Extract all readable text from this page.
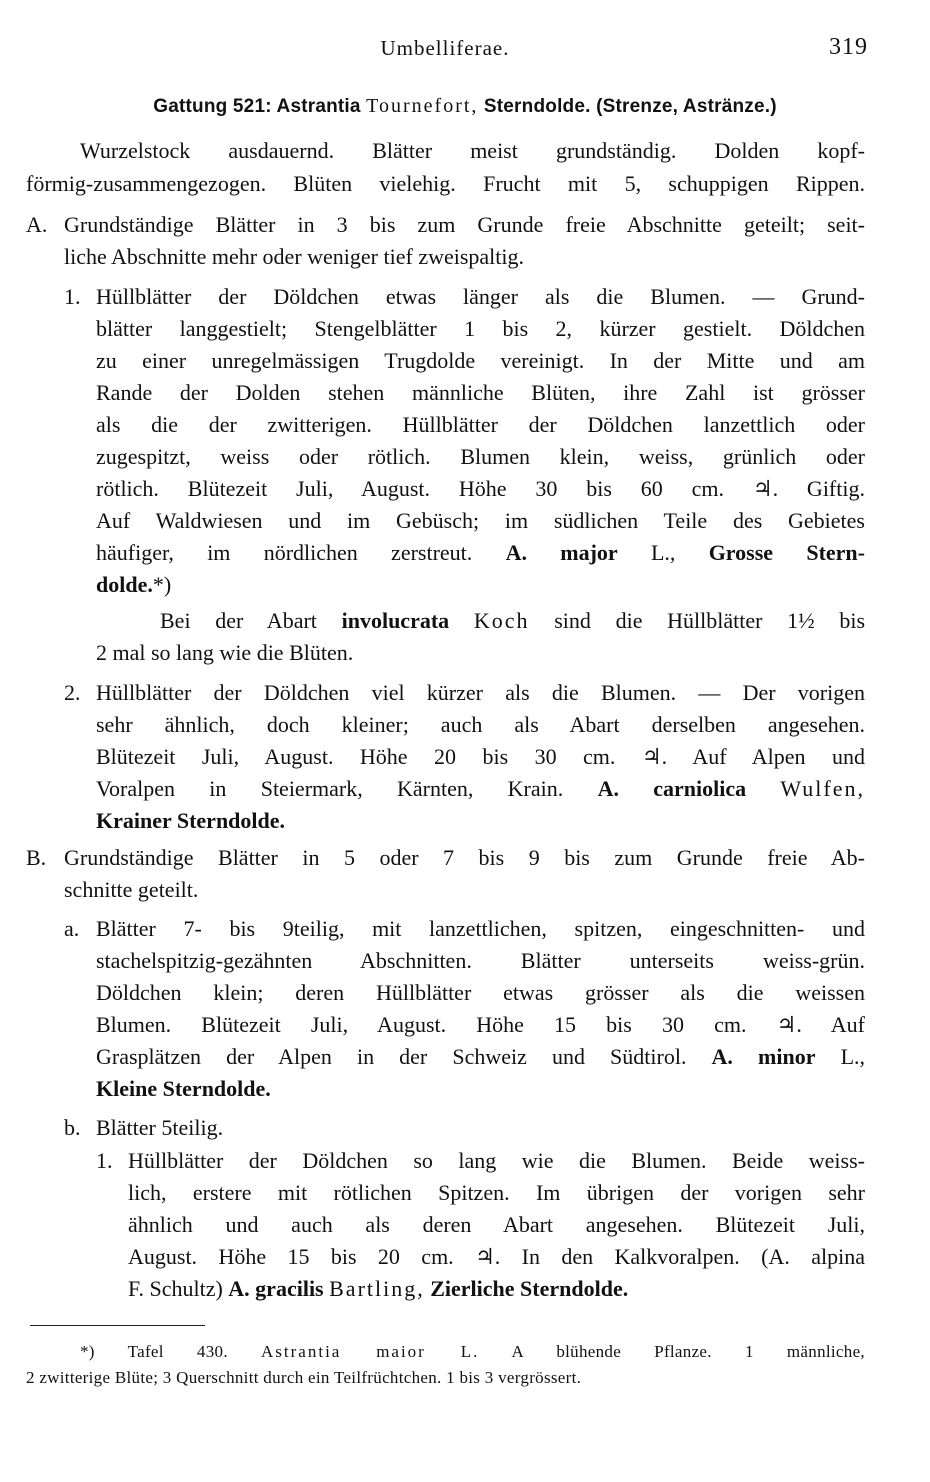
Umbelliferae.	319
Gattung 521: Astrantia Tournefort, Sterndolde. (Strenze, Astränze.)
Wurzelstock ausdauernd. Blätter meist grundständig. Dolden kopf-
förmig-zusammengezogen. Blüten vielehig. Frucht mit 5, schuppigen Rippen.
A. Grundständige Blätter in 3 bis zum Grunde freie Abschnitte geteilt; seit-
liche Abschnitte mehr oder weniger tief zweispaltig.
1. Hüllblätter der Döldchen etwas länger als die Blumen. — Grund-
blätter langgestielt; Stengelblätter 1 bis 2, kürzer gestielt. Döldchen
zu einer unregelmässigen Trugdolde vereinigt. In der Mitte und am
Rande der Dolden stehen männliche Blüten, ihre Zahl ist grösser
als die der zwitterigen. Hüllblätter der Döldchen lanzettlich oder
zugespitzt, weiss oder rötlich. Blumen klein, weiss, grünlich oder
rötlich. Blütezeit Juli, August. Höhe 30 bis 60 cm. ♃. Giftig.
Auf Waldwiesen und im Gebüsch; im südlichen Teile des Gebietes
häufiger, im nördlichen zerstreut. A. major L., Grosse Stern-
dolde.*)
Bei der Abart involucrata Koch sind die Hüllblätter 1½ bis
2 mal so lang wie die Blüten.
2. Hüllblätter der Döldchen viel kürzer als die Blumen. — Der vorigen
sehr ähnlich, doch kleiner; auch als Abart derselben angesehen.
Blütezeit Juli, August. Höhe 20 bis 30 cm. ♃. Auf Alpen und
Voralpen in Steiermark, Kärnten, Krain. A. carniolica Wulfen,
Krainer Sterndolde.
B. Grundständige Blätter in 5 oder 7 bis 9 bis zum Grunde freie Ab-
schnitte geteilt.
a. Blätter 7- bis 9teilig, mit lanzettlichen, spitzen, eingeschnitten- und
stachelspitzig-gezähnten Abschnitten. Blätter unterseits weiss-grün.
Döldchen klein; deren Hüllblätter etwas grösser als die weissen
Blumen. Blütezeit Juli, August. Höhe 15 bis 30 cm. ♃. Auf
Grasplätzen der Alpen in der Schweiz und Südtirol. A. minor L.,
Kleine Sterndolde.
b. Blätter 5teilig.
1. Hüllblätter der Döldchen so lang wie die Blumen. Beide weiss-
lich, erstere mit rötlichen Spitzen. Im übrigen der vorigen sehr
ähnlich und auch als deren Abart angesehen. Blütezeit Juli,
August. Höhe 15 bis 20 cm. ♃. In den Kalkvoralpen. (A. alpina
F. Schultz) A. gracilis Bartling, Zierliche Sterndolde.
*) Tafel 430. Astrantia maior L. A blühende Pflanze. 1 männliche,
2 zwitterige Blüte; 3 Querschnitt durch ein Teilfrüchtchen. 1 bis 3 vergrössert.
